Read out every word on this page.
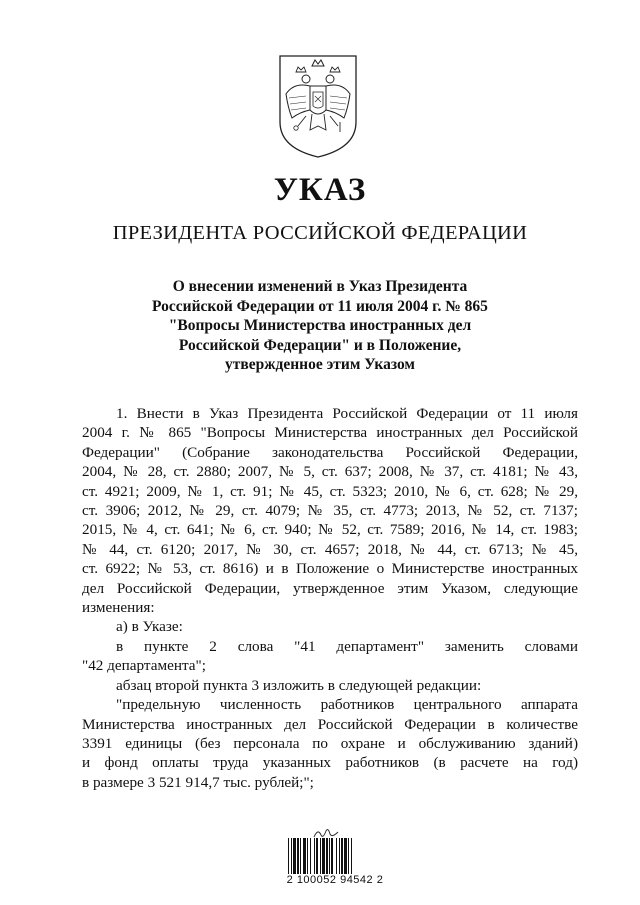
УКАЗ
ПРЕЗИДЕНТА РОССИЙСКОЙ ФЕДЕРАЦИИ
О внесении изменений в Указ Президента
Российской Федерации от 11 июля 2004 г. № 865
"Вопросы Министерства иностранных дел
Российской Федерации" и в Положение,
утвержденное этим Указом
1. Внести в Указ Президента Российской Федерации от 11 июля
2004 г. № 865 "Вопросы Министерства иностранных дел Российской
Федерации" (Собрание законодательства Российской Федерации,
2004, № 28, ст. 2880; 2007, № 5, ст. 637; 2008, № 37, ст. 4181; № 43,
ст. 4921; 2009, № 1, ст. 91; № 45, ст. 5323; 2010, № 6, ст. 628; № 29,
ст. 3906; 2012, № 29, ст. 4079; № 35, ст. 4773; 2013, № 52, ст. 7137;
2015, № 4, ст. 641; № 6, ст. 940; № 52, ст. 7589; 2016, № 14, ст. 1983;
№ 44, ст. 6120; 2017, № 30, ст. 4657; 2018, № 44, ст. 6713; № 45,
ст. 6922; № 53, ст. 8616) и в Положение о Министерстве иностранных
дел Российской Федерации, утвержденное этим Указом, следующие
изменения:
а) в Указе:
в пункте 2 слова "41 департамент" заменить словами
"42 департамента";
абзац второй пункта 3 изложить в следующей редакции:
"предельную численность работников центрального аппарата
Министерства иностранных дел Российской Федерации в количестве
3391 единицы (без персонала по охране и обслуживанию зданий)
и фонд оплаты труда указанных работников (в расчете на год)
в размере 3 521 914,7 тыс. рублей;";
2 100052 94542 2
